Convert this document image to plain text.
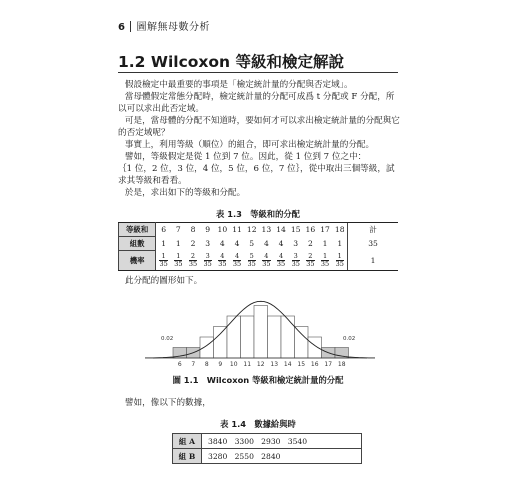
6 圖解無母數分析
1.2 Wilcoxon 等級和檢定解說
假設檢定中最重要的事項是「檢定統計量的分配與否定域」。
當母體假定常態分配時，檢定統計量的分配可成爲 t 分配或 F 分配，所以可以求出此否定域。
可是，當母體的分配不知道時，要如何才可以求出檢定統計量的分配與它的否定域呢？
事實上，利用等級（順位）的組合，即可求出檢定統計量的分配。
譬如，等級假定是從 1 位到 7 位。因此，從 1 位到 7 位之中：
｛1 位，2 位，3 位，4 位，5 位，6 位，7 位｝，從中取出三個等級，試求其等級和看看。
於是，求出如下的等級和分配。
表 1.3　等級和的分配
等級和	6	7	8	9	10	11	12	13	14	15	16	17	18	計
組數	1	1	2	3	4	4	5	4	4	3	2	1	1	35
機率	$\frac{1}{35}$	$\frac{1}{35}$	$\frac{2}{35}$	$\frac{3}{35}$	$\frac{4}{35}$	$\frac{4}{35}$	$\frac{5}{35}$	$\frac{4}{35}$	$\frac{4}{35}$	$\frac{3}{35}$	$\frac{2}{35}$	$\frac{1}{35}$	$\frac{1}{35}$	1
此分配的圖形如下。
6 7 8 9 10 11 12 13 14 15 16 17 18
0.02	0.02
圖 1.1　Wilcoxon 等級和檢定統計量的分配
譬如，像以下的數據，
表 1.4　數據給與時
組 A	3840 3300 2930 3540
組 B	3280 2550 2840
